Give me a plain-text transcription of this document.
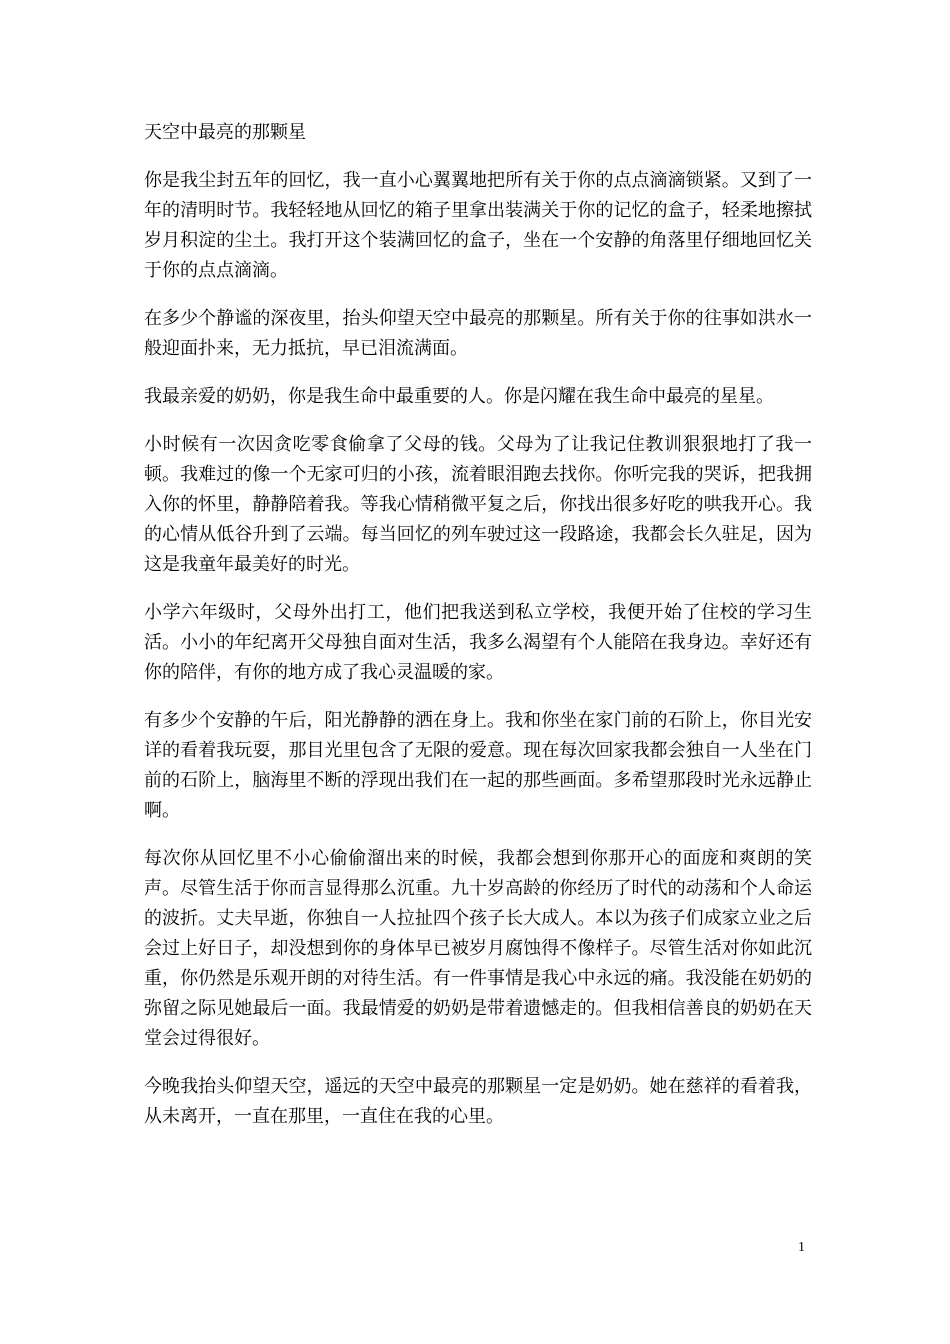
天空中最亮的那颗星

你是我尘封五年的回忆，我一直小心翼翼地把所有关于你的点点滴滴锁紧。又到了一年的清明时节。我轻轻地从回忆的箱子里拿出装满关于你的记忆的盒子，轻柔地擦拭岁月积淀的尘土。我打开这个装满回忆的盒子，坐在一个安静的角落里仔细地回忆关于你的点点滴滴。

在多少个静谧的深夜里，抬头仰望天空中最亮的那颗星。所有关于你的往事如洪水一般迎面扑来，无力抵抗，早已泪流满面。

我最亲爱的奶奶，你是我生命中最重要的人。你是闪耀在我生命中最亮的星星。

小时候有一次因贪吃零食偷拿了父母的钱。父母为了让我记住教训狠狠地打了我一顿。我难过的像一个无家可归的小孩，流着眼泪跑去找你。你听完我的哭诉，把我拥入你的怀里，静静陪着我。等我心情稍微平复之后，你找出很多好吃的哄我开心。我的心情从低谷升到了云端。每当回忆的列车驶过这一段路途，我都会长久驻足，因为这是我童年最美好的时光。

小学六年级时，父母外出打工，他们把我送到私立学校，我便开始了住校的学习生活。小小的年纪离开父母独自面对生活，我多么渴望有个人能陪在我身边。幸好还有你的陪伴，有你的地方成了我心灵温暖的家。

有多少个安静的午后，阳光静静的洒在身上。我和你坐在家门前的石阶上，你目光安详的看着我玩耍，那目光里包含了无限的爱意。现在每次回家我都会独自一人坐在门前的石阶上，脑海里不断的浮现出我们在一起的那些画面。多希望那段时光永远静止啊。

每次你从回忆里不小心偷偷溜出来的时候，我都会想到你那开心的面庞和爽朗的笑声。尽管生活于你而言显得那么沉重。九十岁高龄的你经历了时代的动荡和个人命运的波折。丈夫早逝，你独自一人拉扯四个孩子长大成人。本以为孩子们成家立业之后会过上好日子，却没想到你的身体早已被岁月腐蚀得不像样子。尽管生活对你如此沉重，你仍然是乐观开朗的对待生活。有一件事情是我心中永远的痛。我没能在奶奶的弥留之际见她最后一面。我最情爱的奶奶是带着遗憾走的。但我相信善良的奶奶在天堂会过得很好。

今晚我抬头仰望天空，遥远的天空中最亮的那颗星一定是奶奶。她在慈祥的看着我，从未离开，一直在那里，一直住在我的心里。

1
